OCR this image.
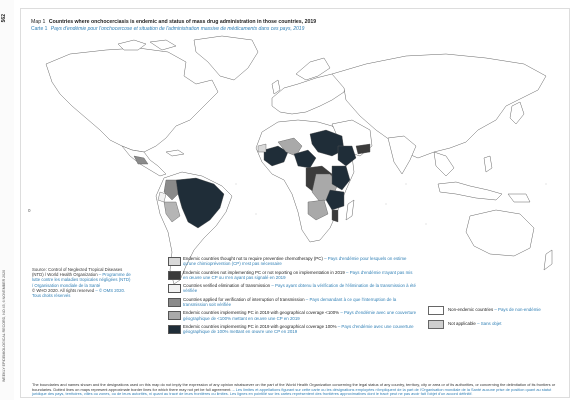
562
WEEKLY EPIDEMIOLOGICAL RECORD, NO 45, 6 NOVEMBER 2020
Map 1 Countries where onchocerciasis is endemic and status of mass drug administration in those countries, 2019
Carte 1 Pays d'endémie pour l'onchocercose et situation de l'administration massive de médicaments dans ces pays, 2019
0
Source: Control of Neglected Tropical Diseases (NTD) / World Health Organization – Programme de lutte contre les maladies tropicales négligées (NTD) / Organisation mondiale de la Santé
© WHO 2020. All rights reserved – © OMS 2020. Tous droits réservés
Endemic countries thought not to require preventive chemotherapy (PC) – Pays d'endémie pour lesquels on estime qu'une chimioprévention (CP) n'est pas nécessaire
Endemic countries not implementing PC or not reporting on implementation in 2019 – Pays d'endémie n'ayant pas mis en œuvre une CP ou n'en ayant pas signalé en 2019
Countries verified elimination of transmission – Pays ayant obtenu la vérification de l'élimination de la transmission à été vérifiée
Countries applied for verification of interruption of transmission – Pays demandant à ce que l'interruption de la transmission soit vérifiée
Endemic countries implementing PC in 2019 with geographical coverage <100% – Pays d'endémie avec une couverture géographique de <100% mettant en œuvre une CP en 2019
Endemic countries implementing PC in 2019 with geographical coverage 100% – Pays d'endémie avec une couverture géographique de 100% mettant en œuvre une CP en 2019
Non-endemic countries – Pays de non-endémie
Not applicable – Sans objet
The boundaries and names shown and the designations used on this map do not imply the expression of any opinion whatsoever on the part of the World Health Organization concerning the legal status of any country, territory, city or area or of its authorities, or concerning the delimitation of its frontiers or boundaries. Dotted lines on maps represent approximate border lines for which there may not yet be full agreement. – Les limites et appellations figurant sur cette carte ou les désignations employées n'impliquent de la part de l'Organisation mondiale de la Santé aucune prise de position quant au statut juridique des pays, territoires, villes ou zones, ou de leurs autorités, ni quant au tracé de leurs frontières ou limites. Les lignes en pointillé sur les cartes représentent des frontières approximatives dont le tracé peut ne pas avoir fait l'objet d'un accord définitif.
